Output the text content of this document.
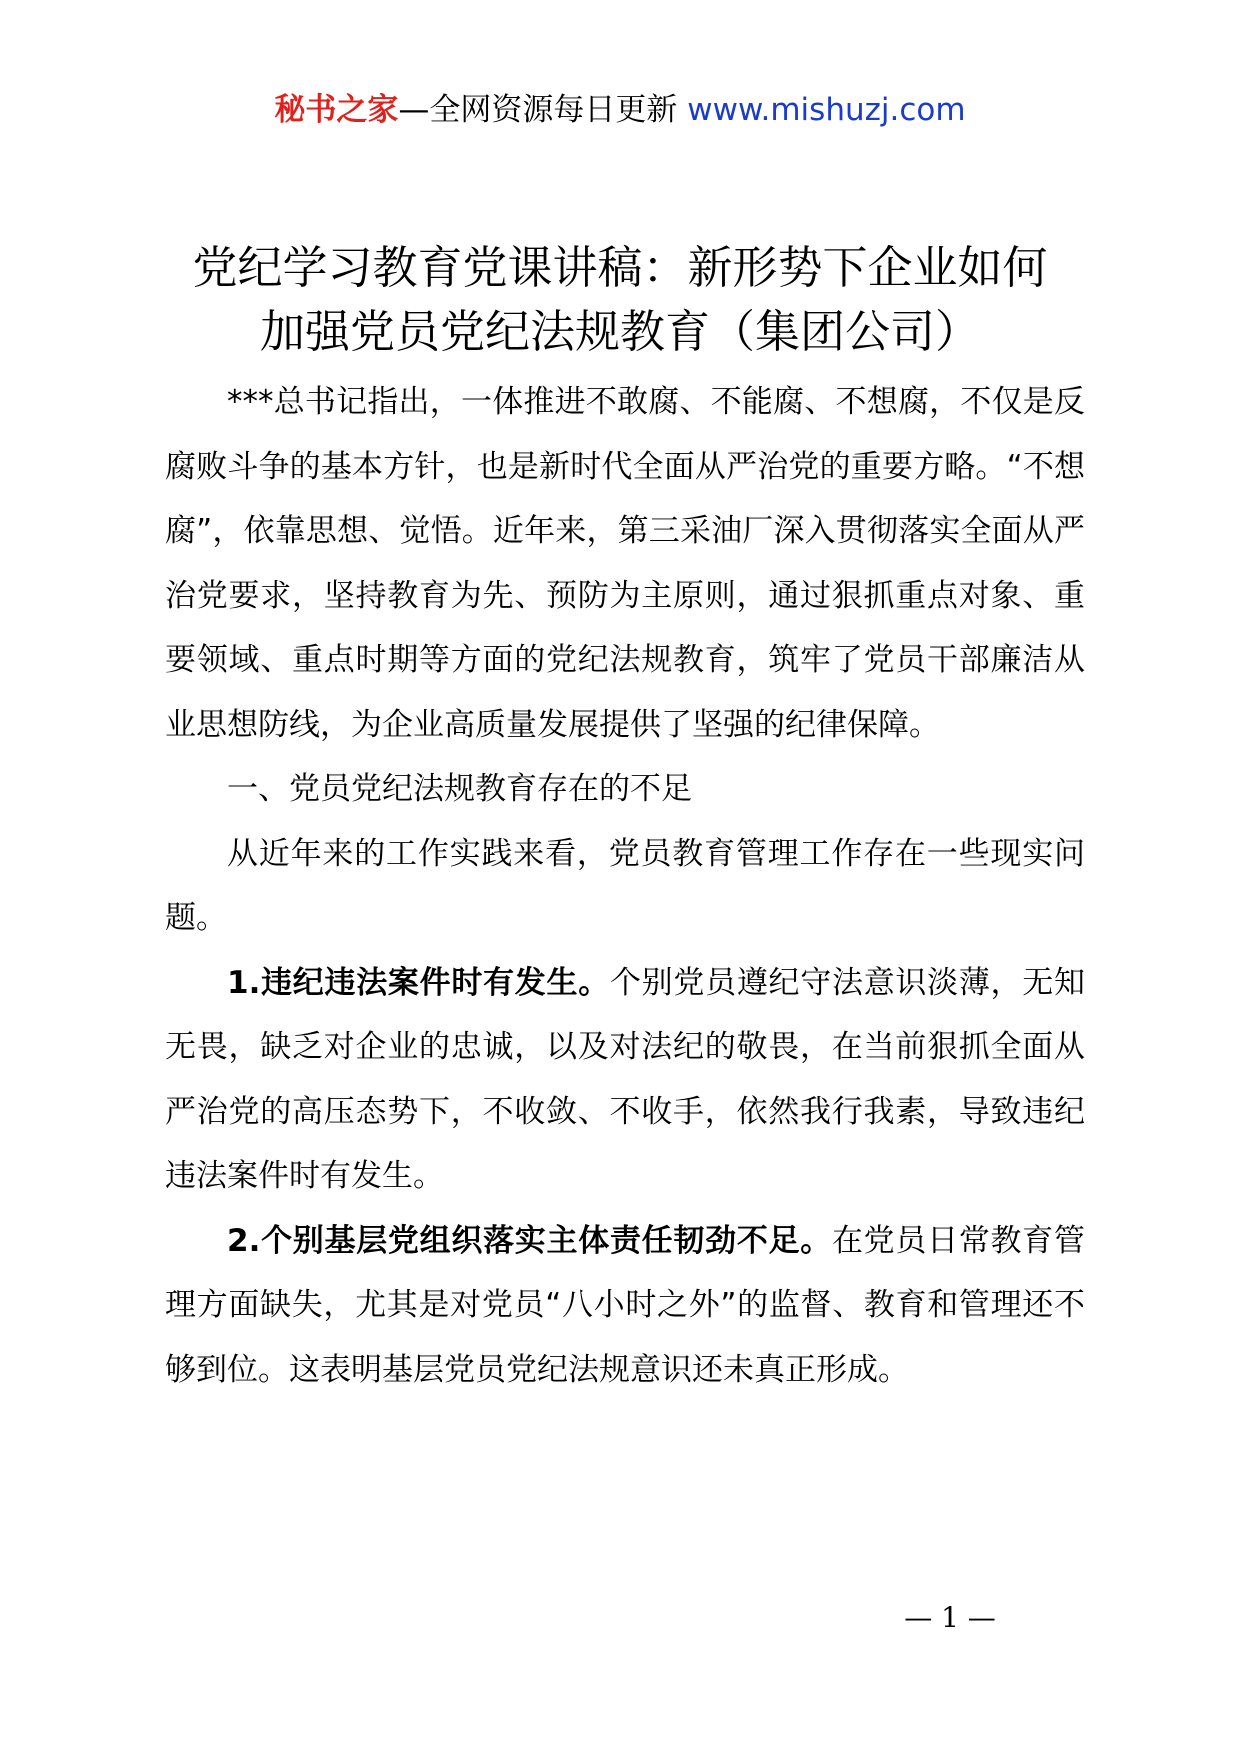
秘书之家—全网资源每日更新 www.mishuzj.com
党纪学习教育党课讲稿：新形势下企业如何
加强党员党纪法规教育（集团公司）

***总书记指出，一体推进不敢腐、不能腐、不想腐，不仅是反腐败斗争的基本方针，也是新时代全面从严治党的重要方略。“不想腐”，依靠思想、觉悟。近年来，第三采油厂深入贯彻落实全面从严治党要求，坚持教育为先、预防为主原则，通过狠抓重点对象、重要领域、重点时期等方面的党纪法规教育，筑牢了党员干部廉洁从业思想防线，为企业高质量发展提供了坚强的纪律保障。

一、党员党纪法规教育存在的不足

从近年来的工作实践来看，党员教育管理工作存在一些现实问题。

1.违纪违法案件时有发生。个别党员遵纪守法意识淡薄，无知无畏，缺乏对企业的忠诚，以及对法纪的敬畏，在当前狠抓全面从严治党的高压态势下，不收敛、不收手，依然我行我素，导致违纪违法案件时有发生。

2.个别基层党组织落实主体责任韧劲不足。在党员日常教育管理方面缺失，尤其是对党员“八小时之外”的监督、教育和管理还不够到位。这表明基层党员党纪法规意识还未真正形成。

— 1 —
